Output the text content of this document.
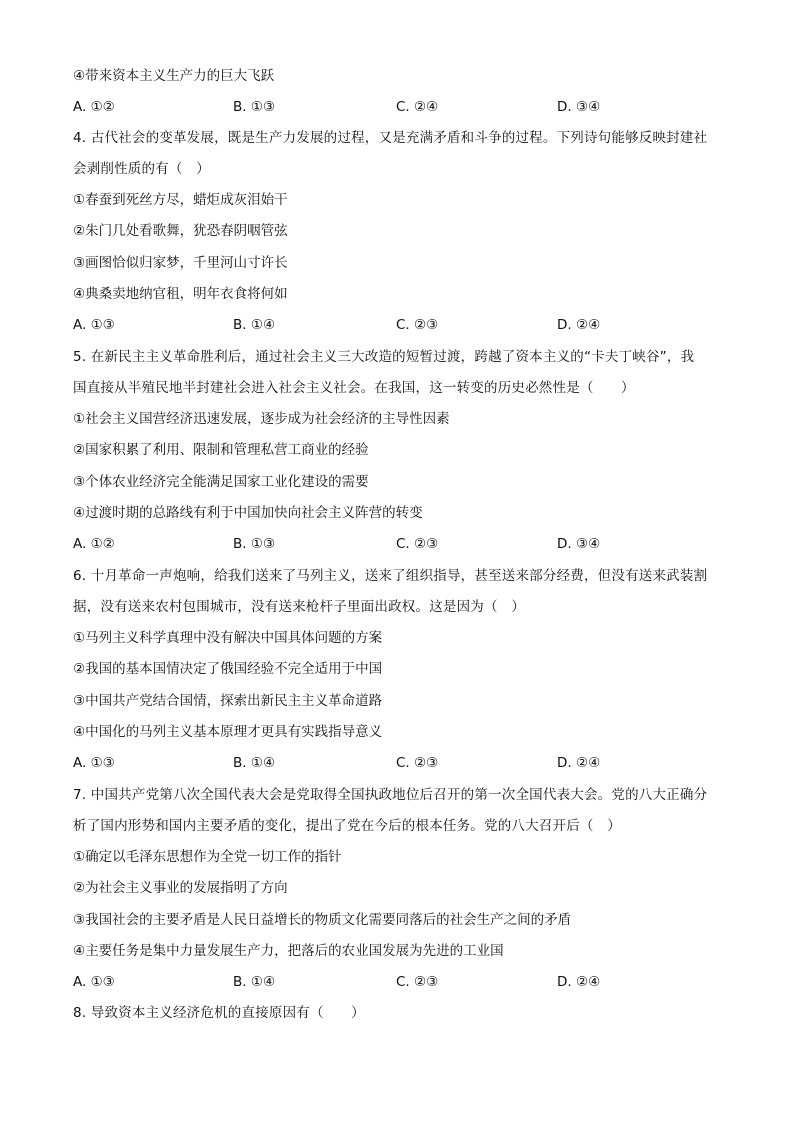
④带来资本主义生产力的巨大飞跃
A. ①②	B. ①③	C. ②④	D. ③④
4. 古代社会的变革发展，既是生产力发展的过程，又是充满矛盾和斗争的过程。下列诗句能够反映封建社
会剥削性质的有（　）
①春蚕到死丝方尽，蜡炬成灰泪始干
②朱门几处看歌舞，犹恐春阴咽管弦
③画图恰似归家梦，千里河山寸许长
④典桑卖地纳官租，明年衣食将何如
A. ①③	B. ①④	C. ②③	D. ②④
5. 在新民主主义革命胜利后，通过社会主义三大改造的短暂过渡，跨越了资本主义的“卡夫丁峡谷”，我
国直接从半殖民地半封建社会进入社会主义社会。在我国，这一转变的历史必然性是（　　）
①社会主义国营经济迅速发展，逐步成为社会经济的主导性因素
②国家积累了利用、限制和管理私营工商业的经验
③个体农业经济完全能满足国家工业化建设的需要
④过渡时期的总路线有利于中国加快向社会主义阵营的转变
A. ①②	B. ①③	C. ②③	D. ③④
6. 十月革命一声炮响，给我们送来了马列主义，送来了组织指导，甚至送来部分经费，但没有送来武装割
据，没有送来农村包围城市，没有送来枪杆子里面出政权。这是因为（　）
①马列主义科学真理中没有解决中国具体问题的方案
②我国的基本国情决定了俄国经验不完全适用于中国
③中国共产党结合国情，探索出新民主主义革命道路
④中国化的马列主义基本原理才更具有实践指导意义
A. ①③	B. ①④	C. ②③	D. ②④
7. 中国共产党第八次全国代表大会是党取得全国执政地位后召开的第一次全国代表大会。党的八大正确分
析了国内形势和国内主要矛盾的变化，提出了党在今后的根本任务。党的八大召开后（　）
①确定以毛泽东思想作为全党一切工作的指针
②为社会主义事业的发展指明了方向
③我国社会的主要矛盾是人民日益增长的物质文化需要同落后的社会生产之间的矛盾
④主要任务是集中力量发展生产力，把落后的农业国发展为先进的工业国
A. ①③	B. ①④	C. ②③	D. ②④
8. 导致资本主义经济危机的直接原因有（　　）
